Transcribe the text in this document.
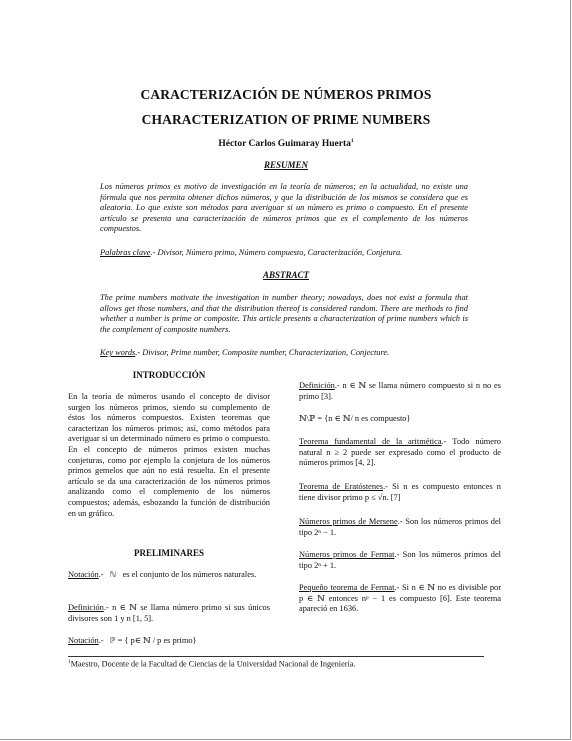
CARACTERIZACIÓN DE NÚMEROS PRIMOS
CHARACTERIZATION OF PRIME NUMBERS
Héctor Carlos Guimaray Huerta$^1$
RESUMEN
Los números primos es motivo de investigación en la teoría de números; en la actualidad, no existe una fórmula que nos permita obtener dichos números, y que la distribución de los mismos se considera que es aleatoria. Lo que existe son métodos para averiguar si un número es primo o compuesto. En el presente artículo se presenta una caracterización de números primos que es el complemento de los números compuestos.
Palabras clave.- Divisor, Número primo, Número compuesto, Caracterización, Conjetura.
ABSTRACT
The prime numbers motivate the investigation in number theory; nowadays, does not exist a formula that allows get those numbers, and that the distribution thereof is considered random. There are methods to find whether a number is prime or composite. This article presents a characterization of prime numbers which is the complement of composite numbers.
Key words.- Divisor, Prime number, Composite number, Characterization, Conjecture.
INTRODUCCIÓN
En la teoría de números usando el concepto de divisor surgen los números primos, siendo su complemento de éstos los números compuestos. Existen teoremas que caracterizan los números primos; así, como métodos para averiguar si un determinado número es primo o compuesto. En el concepto de números primos existen muchas conjeturas, como por ejemplo la conjetura de los números primos gemelos que aún no está resuelta. En el presente artículo se da una caracterización de los números primos analizando como el complemento de los números compuestos; además, esbozando la función de distribución en un gráfico.
PRELIMINARES
Notación.-   ℕ es el conjunto de los números naturales.
Definición.- n ∈ ℕ se llama número primo si sus únicos divisores son 1 y n [1, 5].
Notación.-   ℙ = { p∈ ℕ / p es primo}
Definición.- n ∈ ℕ se llama número compuesto si n no es primo [3].
ℕ\ℙ = {n ∈ ℕ/ n es compuesto}
Teorema fundamental de la aritmética.- Todo número natural n ≥ 2 puede ser expresado como el producto de números primos [4, 2].
Teorema de Eratóstenes.- Si n es compuesto entonces n tiene divisor primo p ≤ √n. [7]
Números primos de Mersene.- Son los números primos del tipo 2ⁿ − 1.
Números primos de Fermat.- Son los números primos del tipo 2ⁿ + 1.
Pequeño teorema de Fermat.- Si n ∈ ℕ no es divisible por p ∈ ℕ entonces nᵖ − 1 es compuesto [6]. Este teorema apareció en 1636.
$^1$Maestro, Docente de la Facultad de Ciencias de la Universidad Nacional de Ingeniería.
